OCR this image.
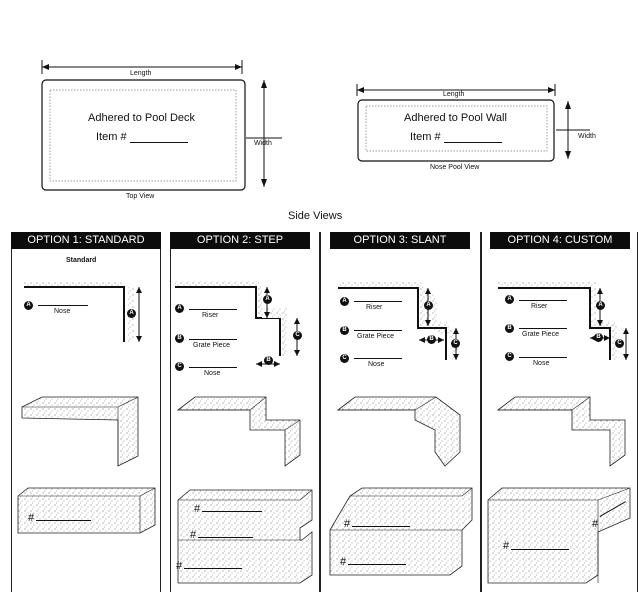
Length
Adhered to Pool Deck
Item #
Width
Top View
Length
Adhered to Pool Wall
Item #	Width
Nose Pool View
Side Views
OPTION 1: STANDARD	OPTION 2: STEP	OPTION 3: SLANT	OPTION 4: CUSTOM
Standard
A
Nose	A
#
A
Riser
B
Grate Piece
C
Nose
A
C
B
#
#
#
A
Riser
B
Grate Piece
C
Nose
A
B
C
#
#
A
Riser
B
Grate Piece
C
Nose
A
B
C
#
#
